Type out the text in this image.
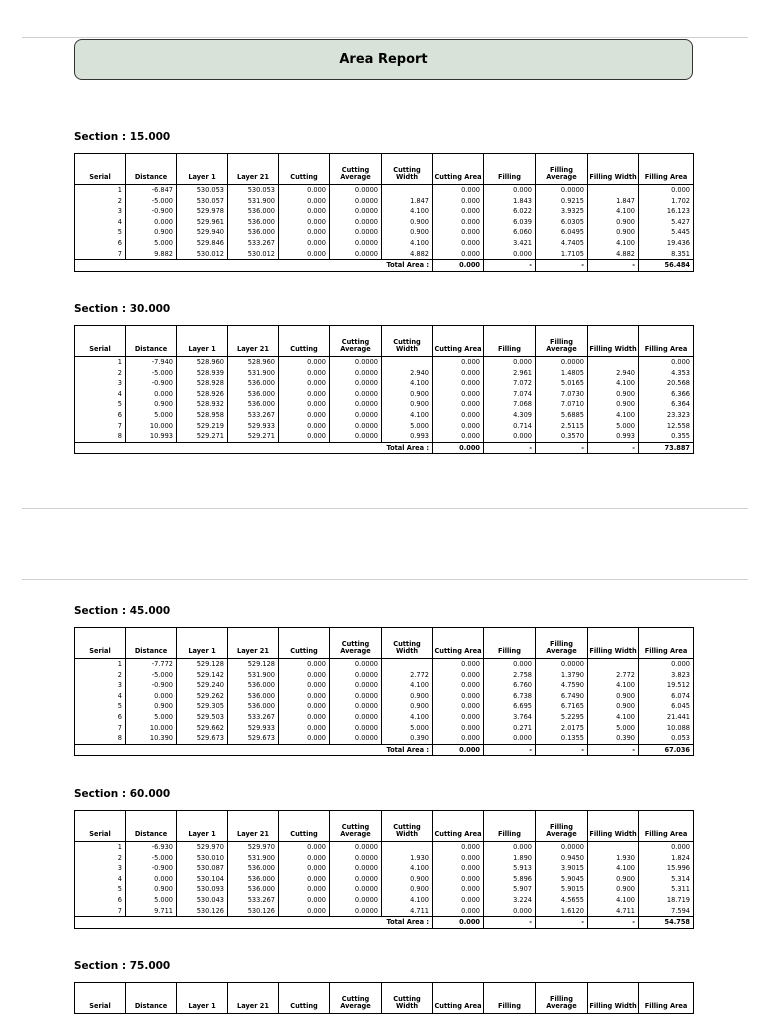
Area Report
Section : 15.000
Serial	Distance	Layer 1	Layer 21	Cutting	Cutting Average	Cutting Width	Cutting Area	Filling	Filling Average	Filling Width	Filling Area
1	-6.847	530.053	530.053	0.000	0.0000		0.000	0.000	0.0000		0.000
2	-5.000	530.057	531.900	0.000	0.0000	1.847	0.000	1.843	0.9215	1.847	1.702
3	-0.900	529.978	536.000	0.000	0.0000	4.100	0.000	6.022	3.9325	4.100	16.123
4	0.000	529.961	536.000	0.000	0.0000	0.900	0.000	6.039	6.0305	0.900	5.427
5	0.900	529.940	536.000	0.000	0.0000	0.900	0.000	6.060	6.0495	0.900	5.445
6	5.000	529.846	533.267	0.000	0.0000	4.100	0.000	3.421	4.7405	4.100	19.436
7	9.882	530.012	530.012	0.000	0.0000	4.882	0.000	0.000	1.7105	4.882	8.351
						Total Area :	0.000	-	-	-	56.484
Section : 30.000
Serial	Distance	Layer 1	Layer 21	Cutting	Cutting Average	Cutting Width	Cutting Area	Filling	Filling Average	Filling Width	Filling Area
1	-7.940	528.960	528.960	0.000	0.0000		0.000	0.000	0.0000		0.000
2	-5.000	528.939	531.900	0.000	0.0000	2.940	0.000	2.961	1.4805	2.940	4.353
3	-0.900	528.928	536.000	0.000	0.0000	4.100	0.000	7.072	5.0165	4.100	20.568
4	0.000	528.926	536.000	0.000	0.0000	0.900	0.000	7.074	7.0730	0.900	6.366
5	0.900	528.932	536.000	0.000	0.0000	0.900	0.000	7.068	7.0710	0.900	6.364
6	5.000	528.958	533.267	0.000	0.0000	4.100	0.000	4.309	5.6885	4.100	23.323
7	10.000	529.219	529.933	0.000	0.0000	5.000	0.000	0.714	2.5115	5.000	12.558
8	10.993	529.271	529.271	0.000	0.0000	0.993	0.000	0.000	0.3570	0.993	0.355
						Total Area :	0.000	-	-	-	73.887
Section : 45.000
Serial	Distance	Layer 1	Layer 21	Cutting	Cutting Average	Cutting Width	Cutting Area	Filling	Filling Average	Filling Width	Filling Area
1	-7.772	529.128	529.128	0.000	0.0000		0.000	0.000	0.0000		0.000
2	-5.000	529.142	531.900	0.000	0.0000	2.772	0.000	2.758	1.3790	2.772	3.823
3	-0.900	529.240	536.000	0.000	0.0000	4.100	0.000	6.760	4.7590	4.100	19.512
4	0.000	529.262	536.000	0.000	0.0000	0.900	0.000	6.738	6.7490	0.900	6.074
5	0.900	529.305	536.000	0.000	0.0000	0.900	0.000	6.695	6.7165	0.900	6.045
6	5.000	529.503	533.267	0.000	0.0000	4.100	0.000	3.764	5.2295	4.100	21.441
7	10.000	529.662	529.933	0.000	0.0000	5.000	0.000	0.271	2.0175	5.000	10.088
8	10.390	529.673	529.673	0.000	0.0000	0.390	0.000	0.000	0.1355	0.390	0.053
						Total Area :	0.000	-	-	-	67.036
Section : 60.000
Serial	Distance	Layer 1	Layer 21	Cutting	Cutting Average	Cutting Width	Cutting Area	Filling	Filling Average	Filling Width	Filling Area
1	-6.930	529.970	529.970	0.000	0.0000		0.000	0.000	0.0000		0.000
2	-5.000	530.010	531.900	0.000	0.0000	1.930	0.000	1.890	0.9450	1.930	1.824
3	-0.900	530.087	536.000	0.000	0.0000	4.100	0.000	5.913	3.9015	4.100	15.996
4	0.000	530.104	536.000	0.000	0.0000	0.900	0.000	5.896	5.9045	0.900	5.314
5	0.900	530.093	536.000	0.000	0.0000	0.900	0.000	5.907	5.9015	0.900	5.311
6	5.000	530.043	533.267	0.000	0.0000	4.100	0.000	3.224	4.5655	4.100	18.719
7	9.711	530.126	530.126	0.000	0.0000	4.711	0.000	0.000	1.6120	4.711	7.594
						Total Area :	0.000	-	-	-	54.758
Section : 75.000
Serial	Distance	Layer 1	Layer 21	Cutting	Cutting Average	Cutting Width	Cutting Area	Filling	Filling Average	Filling Width	Filling Area
